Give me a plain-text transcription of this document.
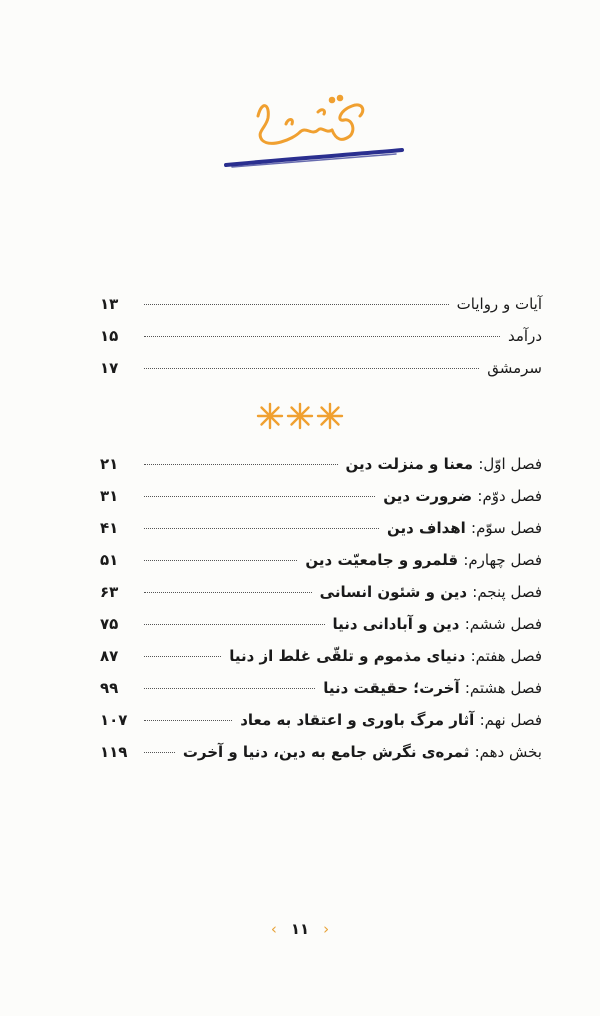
آیات و روایات
۱۳
درآمد
۱۵
سرمشق
۱۷
فصل اوّل: معنا و منزلت دین
۲۱
فصل دوّم: ضرورت دین
۳۱
فصل سوّم: اهداف دین
۴۱
فصل چهارم: قلمرو و جامعیّت دین
۵۱
فصل پنجم: دین و شئون انسانی
۶۳
فصل ششم: دین و آبادانی دنیا
۷۵
فصل هفتم: دنیای مذموم و تلقّی غلط از دنیا
۸۷
فصل هشتم: آخرت؛ حقیقت دنیا
۹۹
فصل نهم: آثار مرگ باوری و اعتقاد به معاد
۱۰۷
بخش دهم: ثمره‌ی نگرش جامع به دین، دنیا و آخرت
۱۱۹
‹ ۱۱ ›
